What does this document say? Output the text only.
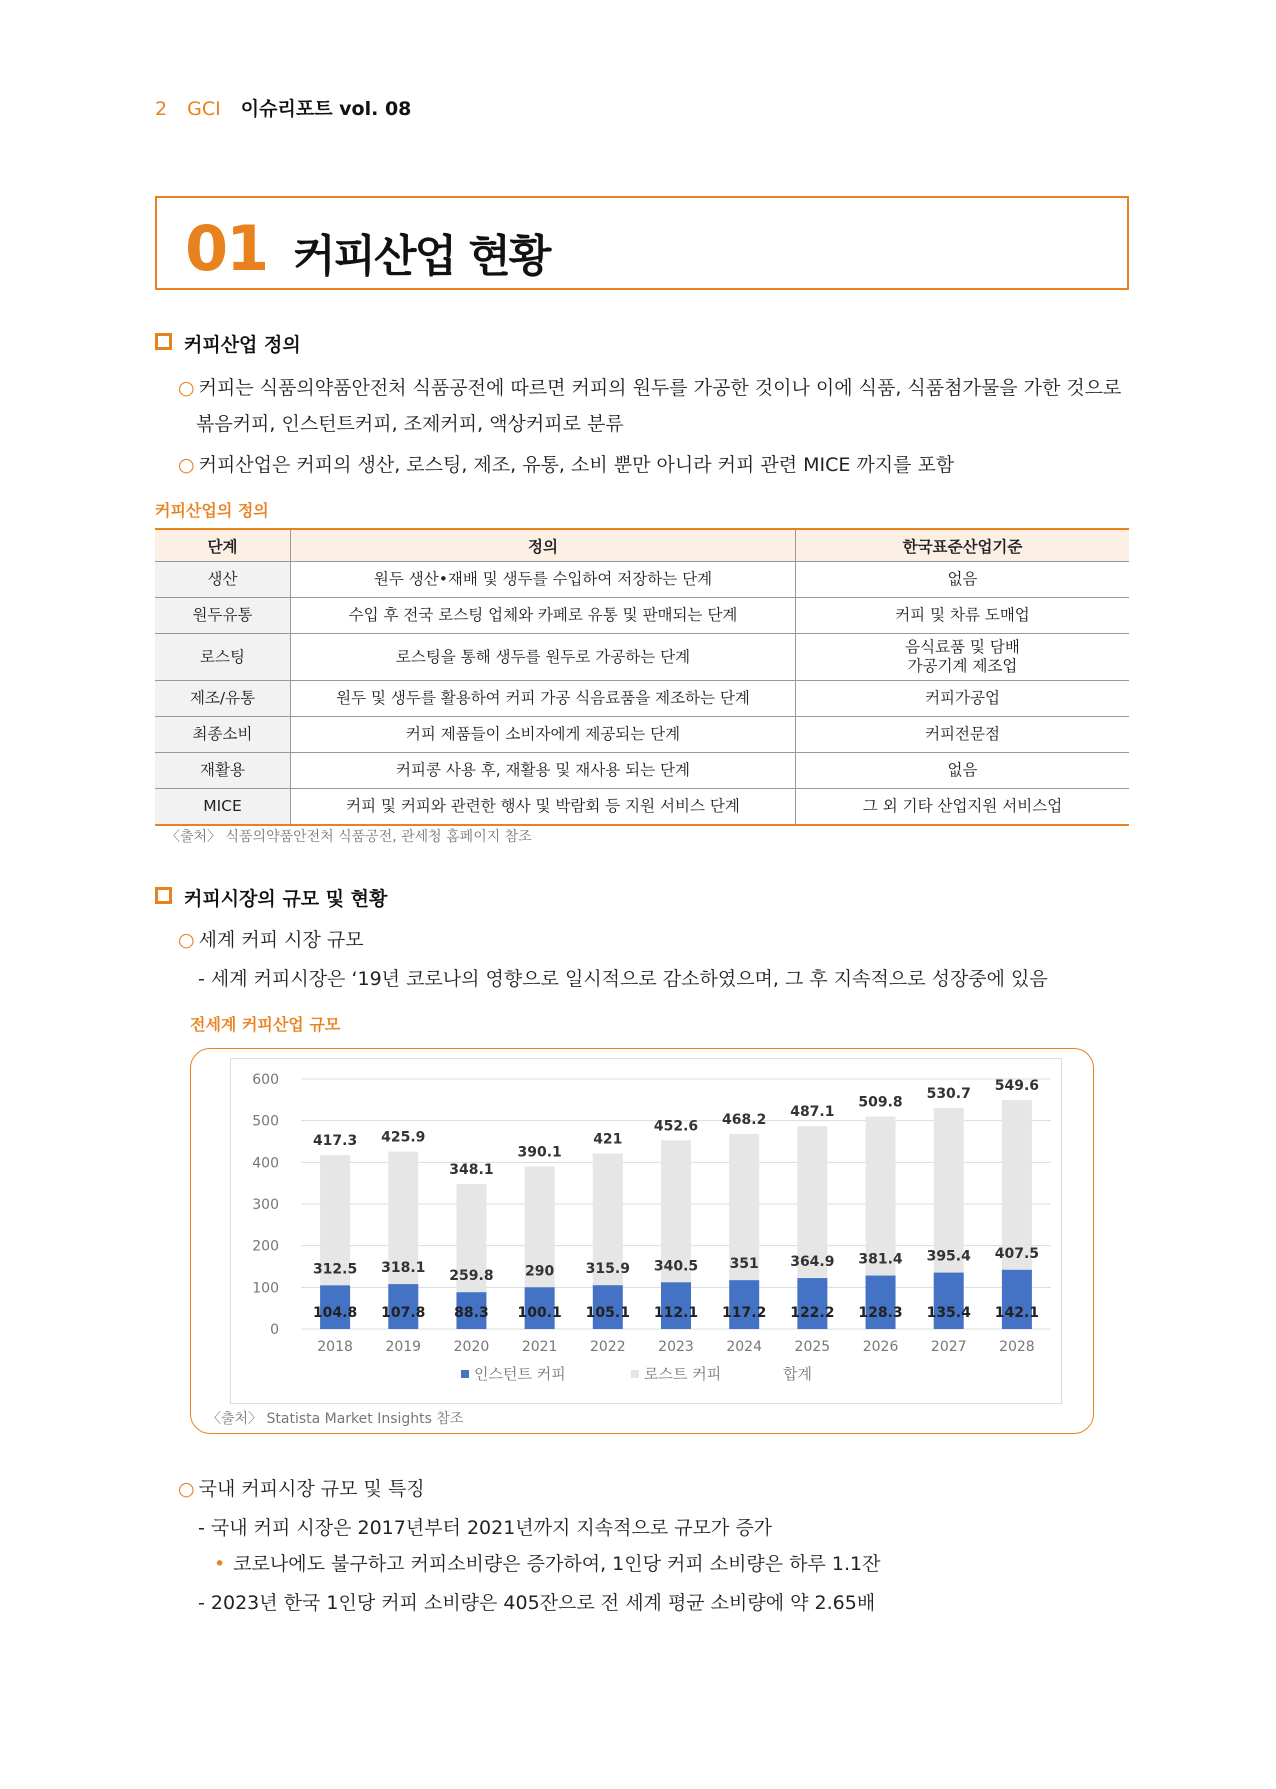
2 GCI 이슈리포트 vol. 08
01 커피산업 현황
커피산업 정의
○ 커피는 식품의약품안전처 식품공전에 따르면 커피의 원두를 가공한 것이나 이에 식품, 식품첨가물을 가한 것으로
볶음커피, 인스턴트커피, 조제커피, 액상커피로 분류
○ 커피산업은 커피의 생산, 로스팅, 제조, 유통, 소비 뿐만 아니라 커피 관련 MICE 까지를 포함
커피산업의 정의
단계	정의	한국표준산업기준
생산	원두 생산•재배 및 생두를 수입하여 저장하는 단계	없음
원두유통	수입 후 전국 로스팅 업체와 카페로 유통 및 판매되는 단계	커피 및 차류 도매업
로스팅	로스팅을 통해 생두를 원두로 가공하는 단계	음식료품 및 담배
가공기계 제조업
제조/유통	원두 및 생두를 활용하여 커피 가공 식음료품을 제조하는 단계	커피가공업
최종소비	커피 제품들이 소비자에게 제공되는 단계	커피전문점
재활용	커피콩 사용 후, 재활용 및 재사용 되는 단계	없음
MICE	커피 및 커피와 관련한 행사 및 박람회 등 지원 서비스 단계	그 외 기타 산업지원 서비스업
〈출처〉 식품의약품안전처 식품공전, 관세청 홈페이지 참조
커피시장의 규모 및 현황
○ 세계 커피 시장 규모
- 세계 커피시장은 ‘19년 코로나의 영향으로 일시적으로 감소하였으며, 그 후 지속적으로 성장중에 있음
전세계 커피산업 규모
0
100
200
300
400
500
600
417.3
312.5
104.8
2018
425.9
318.1
107.8
2019
348.1
259.8
88.3
2020
390.1
290
100.1
2021
421
315.9
105.1
2022
452.6
340.5
112.1
2023
468.2
351
117.2
2024
487.1
364.9
122.2
2025
509.8
381.4
128.3
2026
530.7
395.4
135.4
2027
549.6
407.5
142.1
2028
인스턴트 커피	로스트 커피	합계
〈출처〉 Statista Market Insights 참조
○ 국내 커피시장 규모 및 특징
- 국내 커피 시장은 2017년부터 2021년까지 지속적으로 규모가 증가
• 코로나에도 불구하고 커피소비량은 증가하여, 1인당 커피 소비량은 하루 1.1잔
- 2023년 한국 1인당 커피 소비량은 405잔으로 전 세계 평균 소비량에 약 2.65배
